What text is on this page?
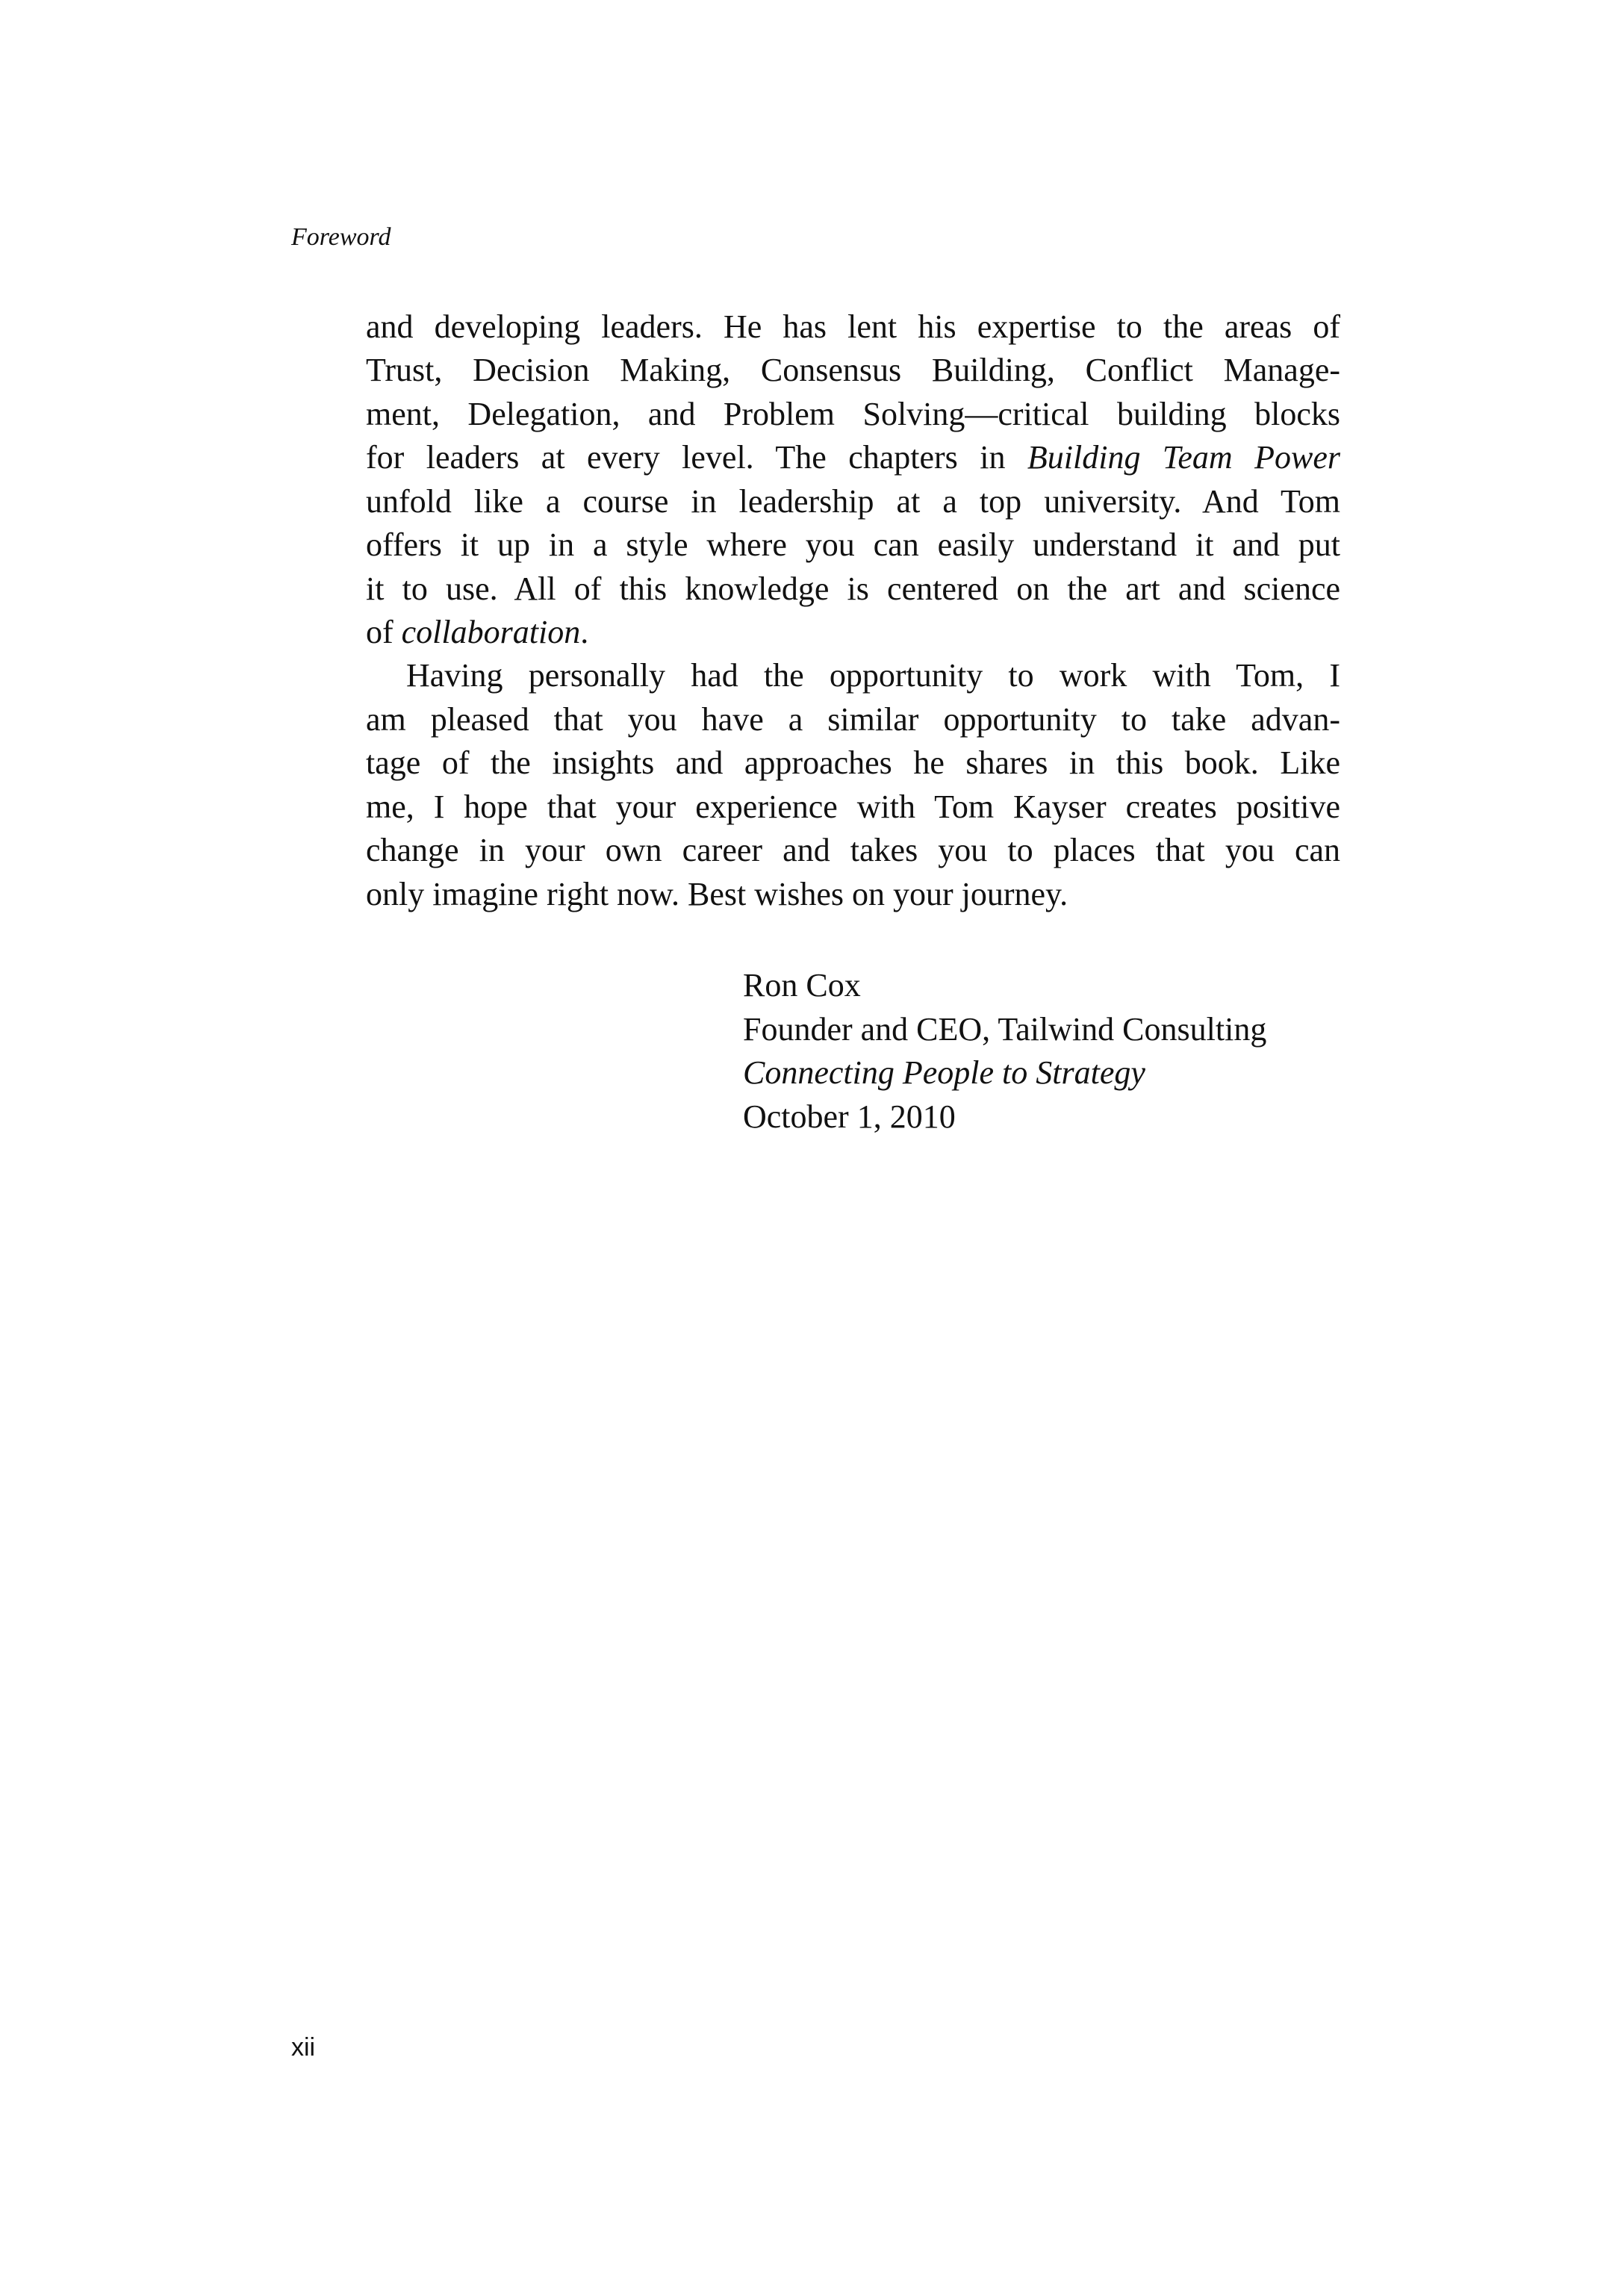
Foreword
and developing leaders. He has lent his expertise to the areas of
Trust, Decision Making, Consensus Building, Conflict Manage-
ment, Delegation, and Problem Solving—critical building blocks
for leaders at every level. The chapters in Building Team Power
unfold like a course in leadership at a top university. And Tom
offers it up in a style where you can easily understand it and put
it to use. All of this knowledge is centered on the art and science
of collaboration.
Having personally had the opportunity to work with Tom, I
am pleased that you have a similar opportunity to take advan-
tage of the insights and approaches he shares in this book. Like
me, I hope that your experience with Tom Kayser creates positive
change in your own career and takes you to places that you can
only imagine right now. Best wishes on your journey.
Ron Cox
Founder and CEO, Tailwind Consulting
Connecting People to Strategy
October 1, 2010
xii
